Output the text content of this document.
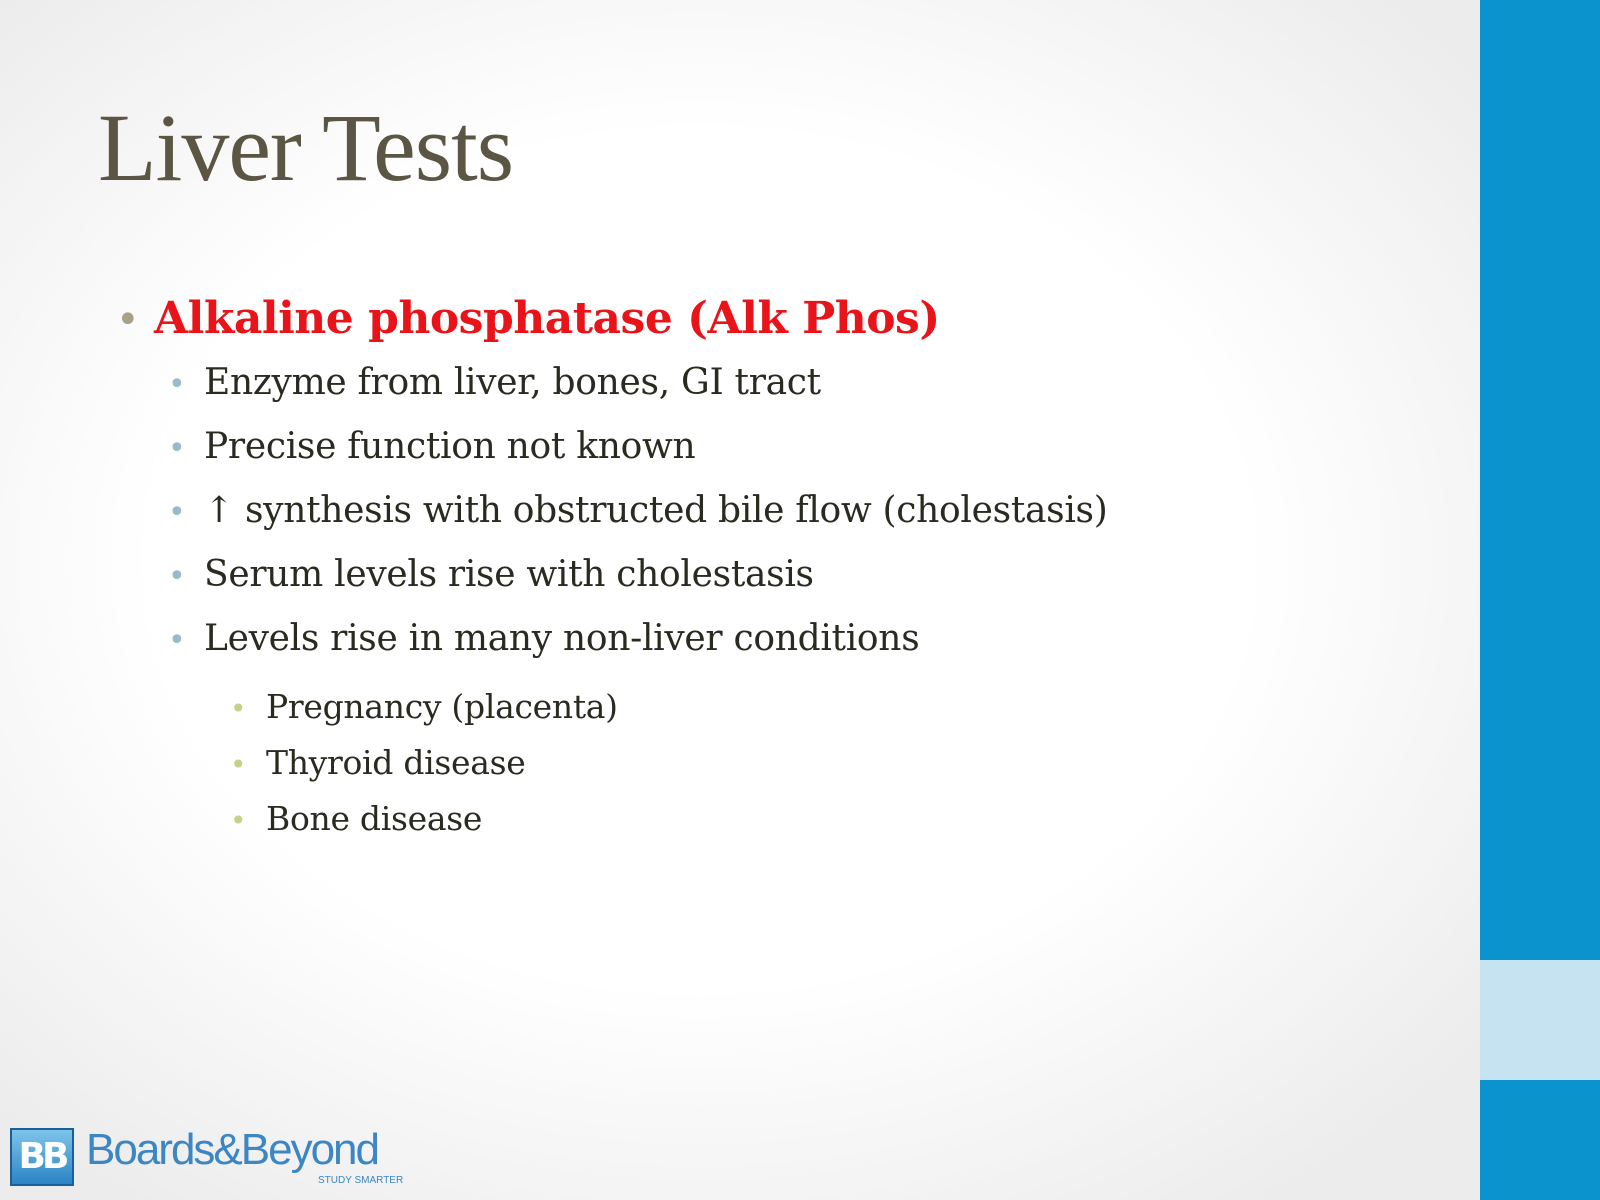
Liver Tests
• Alkaline phosphatase (Alk Phos)
• Enzyme from liver, bones, GI tract
• Precise function not known
• ↑ synthesis with obstructed bile flow (cholestasis)
• Serum levels rise with cholestasis
• Levels rise in many non-liver conditions
• Pregnancy (placenta)
• Thyroid disease
• Bone disease
BB Boards&Beyond
STUDY SMARTER
